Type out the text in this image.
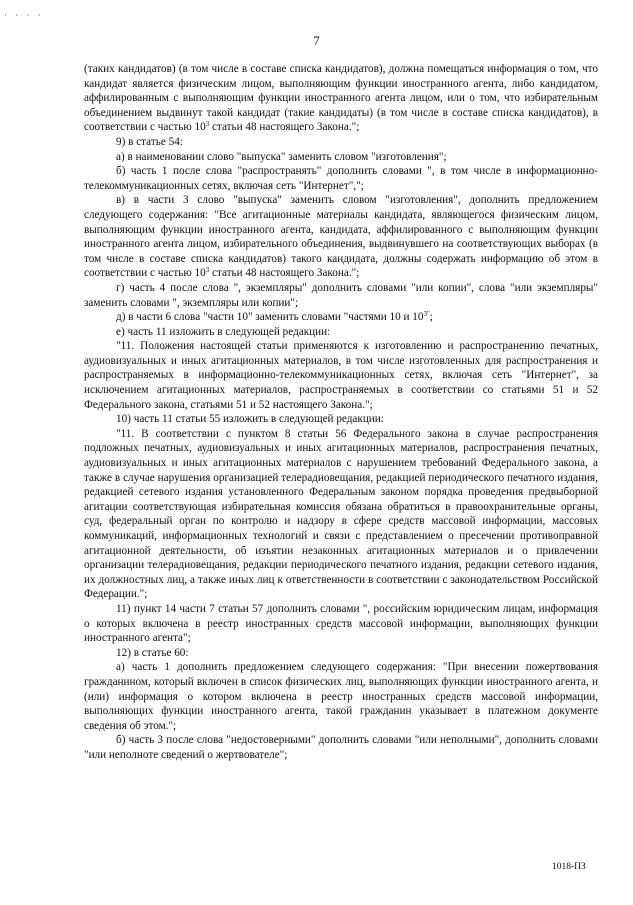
· · · ·
7

(таких кандидатов) (в том числе в составе списка кандидатов), должна помещаться информация о том, что кандидат является физическим лицом, выполняющим функции иностранного агента, либо кандидатом, аффилированным с выполняющим функции иностранного агента лицом, или о том, что избирательным объединением выдвинут такой кандидат (такие кандидаты) (в том числе в составе списка кандидатов), в соответствии с частью $10^3$ статьи 48 настоящего Закона.";

9) в статье 54:

а) в наименовании слово "выпуска" заменить словом "изготовления";

б) часть 1 после слова "распространять" дополнить словами ", в том числе в информационно-телекоммуникационных сетях, включая сеть "Интернет",";

в) в части 3 слово "выпуска" заменить словом "изготовления", дополнить предложением следующего содержания: "Все агитационные материалы кандидата, являющегося физическим лицом, выполняющим функции иностранного агента, кандидата, аффилированного с выполняющим функции иностранного агента лицом, избирательного объединения, выдвинувшего на соответствующих выборах (в том числе в составе списка кандидатов) такого кандидата, должны содержать информацию об этом в соответствии с частью $10^3$ статьи 48 настоящего Закона.";

г) часть 4 после слова ", экземпляры" дополнить словами "или копии", слова "или экземпляры" заменить словами ", экземпляры или копии";

д) в части 6 слова "части 10" заменить словами "частями 10 и $10^{3"}$;

е) часть 11 изложить в следующей редакции:

"11. Положения настоящей статьи применяются к изготовлению и распространению печатных, аудиовизуальных и иных агитационных материалов, в том числе изготовленных для распространения и распространяемых в информационно-телекоммуникационных сетях, включая сеть "Интернет", за исключением агитационных материалов, распространяемых в соответствии со статьями 51 и 52 Федерального закона, статьями 51 и 52 настоящего Закона.";

10) часть 11 статьи 55 изложить в следующей редакции:

"11. В соответствии с пунктом 8 статьи 56 Федерального закона в случае распространения подложных печатных, аудиовизуальных и иных агитационных материалов, распространения печатных, аудиовизуальных и иных агитационных материалов с нарушением требований Федерального закона, а также в случае нарушения организацией телерадиовещания, редакцией периодического печатного издания, редакцией сетевого издания установленного Федеральным законом порядка проведения предвыборной агитации соответствующая избирательная комиссия обязана обратиться в правоохранительные органы, суд, федеральный орган по контролю и надзору в сфере средств массовой информации, массовых коммуникаций, информационных технологий и связи с представлением о пресечении противоправной агитационной деятельности, об изъятии незаконных агитационных материалов и о привлечении организации телерадиовещания, редакции периодического печатного издания, редакции сетевого издания, их должностных лиц, а также иных лиц к ответственности в соответствии с законодательством Российской Федерации.";

11) пункт 14 части 7 статьи 57 дополнить словами ", российским юридическим лицам, информация о которых включена в реестр иностранных средств массовой информации, выполняющих функции иностранного агента";

12) в статье 60:

а) часть 1 дополнить предложением следующего содержания: "При внесении пожертвования гражданином, который включен в список физических лиц, выполняющих функции иностранного агента, и (или) информация о котором включена в реестр иностранных средств массовой информации, выполняющих функции иностранного агента, такой гражданин указывает в платежном документе сведения об этом.";

б) часть 3 после слова "недостоверными" дополнить словами "или неполными", дополнить словами "или неполноте сведений о жертвователе";

1018-ПЗ
